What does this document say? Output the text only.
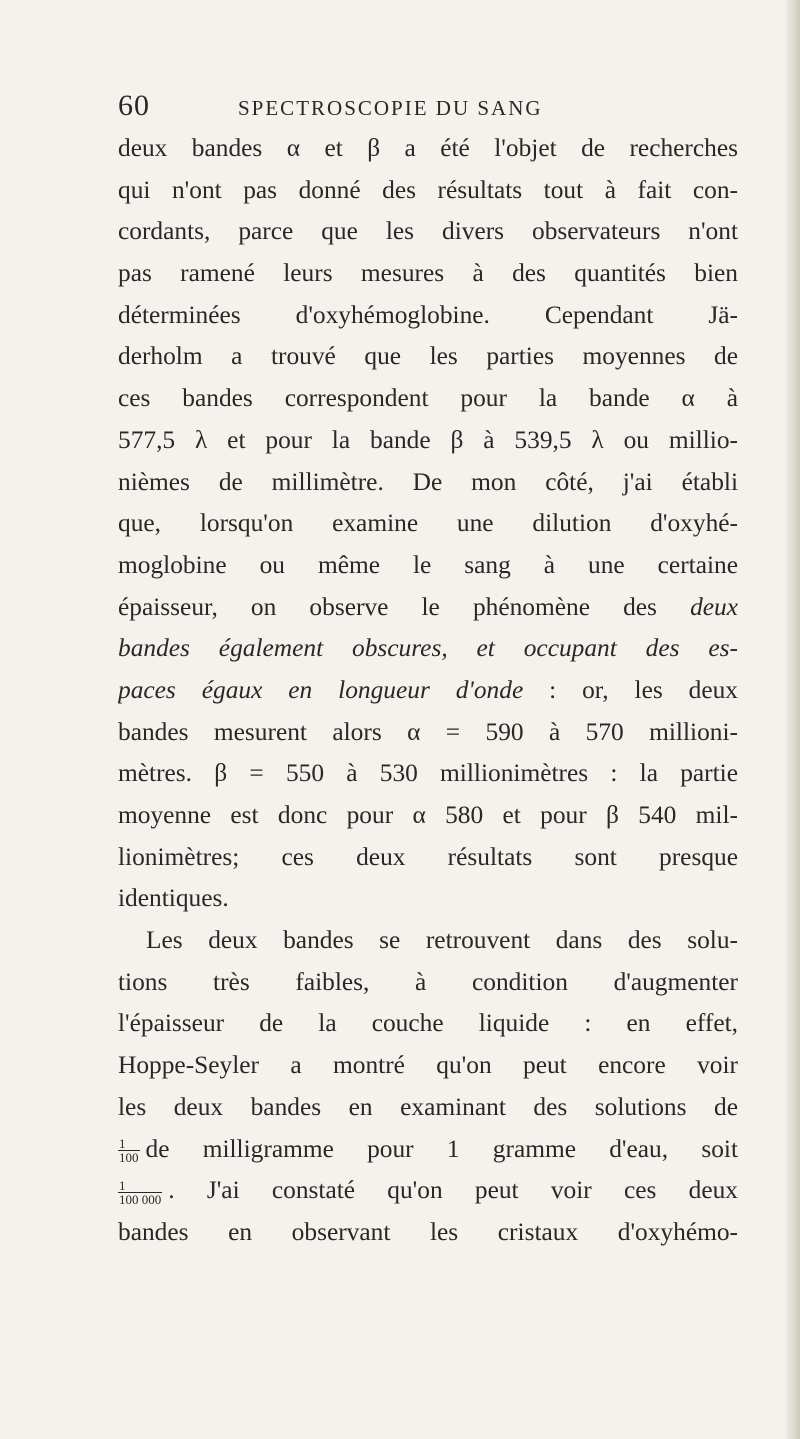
60	SPECTROSCOPIE DU SANG
deux bandes α et β a été l'objet de recherches
qui n'ont pas donné des résultats tout à fait con-
cordants, parce que les divers observateurs n'ont
pas ramené leurs mesures à des quantités bien
déterminées d'oxyhémoglobine. Cependant Jä-
derholm a trouvé que les parties moyennes de
ces bandes correspondent pour la bande α à
577,5 λ et pour la bande β à 539,5 λ ou millio-
nièmes de millimètre. De mon côté, j'ai établi
que, lorsqu'on examine une dilution d'oxyhé-
moglobine ou même le sang à une certaine
épaisseur, on observe le phénomène des deux
bandes également obscures, et occupant des es-
paces égaux en longueur d'onde : or, les deux
bandes mesurent alors α = 590 à 570 millioni-
mètres. β = 550 à 530 millionimètres : la partie
moyenne est donc pour α 580 et pour β 540 mil-
lionimètres; ces deux résultats sont presque
identiques.
Les deux bandes se retrouvent dans des solu-
tions très faibles, à condition d'augmenter
l'épaisseur de la couche liquide : en effet,
Hoppe-Seyler a montré qu'on peut encore voir
les deux bandes en examinant des solutions de
$\frac{1}{100}$ de milligramme pour 1 gramme d'eau, soit
$\frac{1}{100 000}$ . J'ai constaté qu'on peut voir ces deux
bandes en observant les cristaux d'oxyhémo-
